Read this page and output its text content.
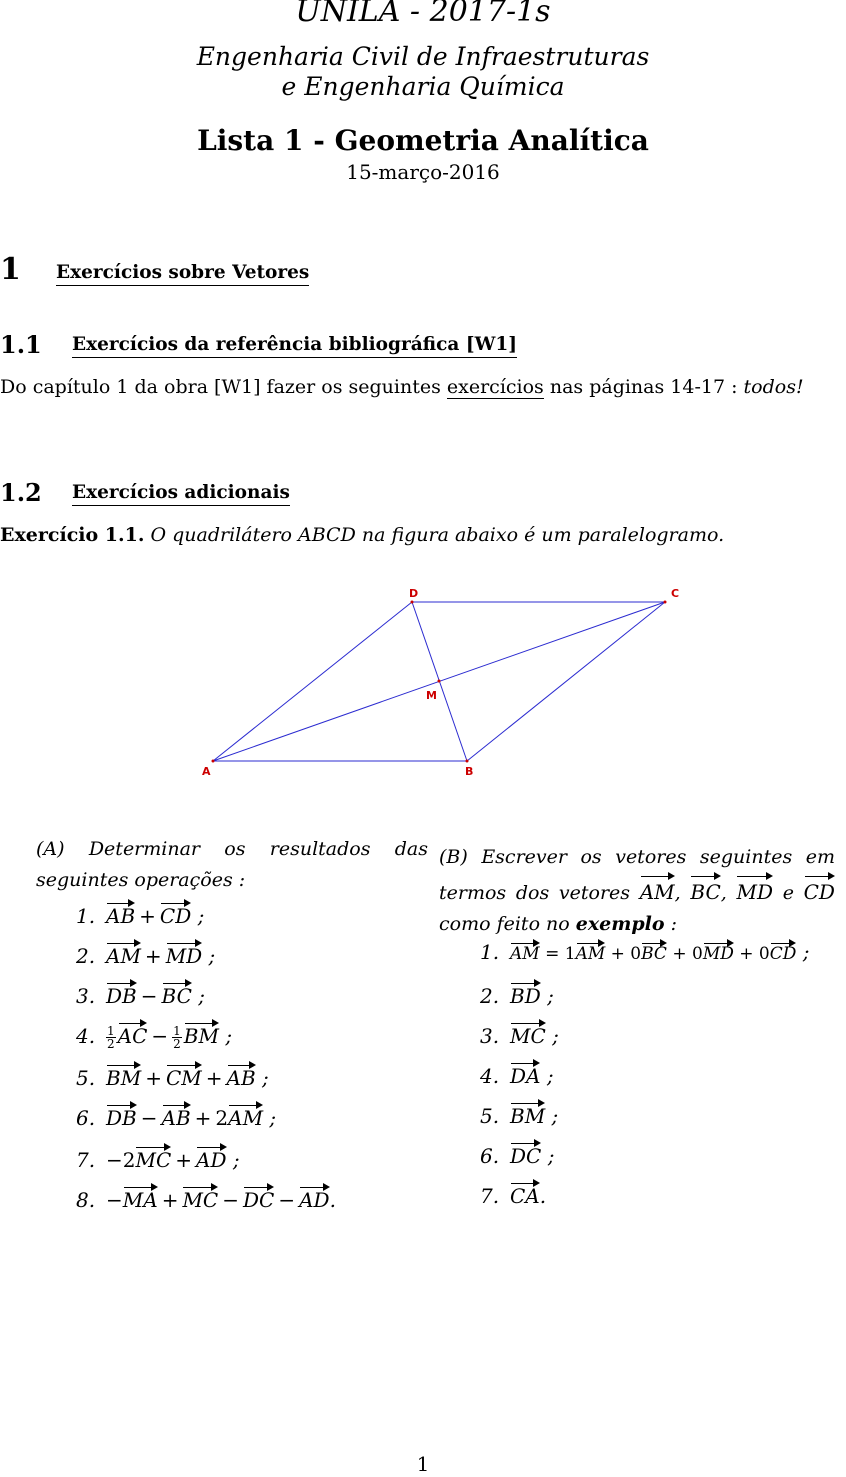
UNILA - 2017-1s
Engenharia Civil de Infraestruturas
e Engenharia Química
Lista 1 - Geometria Analítica
15-março-2016
1 Exercícios sobre Vetores
1.1 Exercícios da referência bibliográfica [W1]
Do capítulo 1 da obra [W1] fazer os seguintes exercícios nas páginas 14-17 : todos!
1.2 Exercícios adicionais
Exercício 1.1. O quadrilátero ABCD na figura abaixo é um paralelogramo.
A	B
C
D
M
(A) Determinar os resultados das seguintes operações :
1. AB + CD ;
2. AM + MD ;
3. DB − BC ;
4. $\frac{1}{2}$ AC − $\frac{1}{2}$ BM ;
5. BM + CM + AB ;
6. DB − AB + 2AM ;
7. −2MC + AD ;
8. −MA + MC − DC − AD.
(B) Escrever os vetores seguintes em termos dos vetores AM, BC, MD e CD como feito no exemplo :
1. AM = 1AM + 0BC + 0MD + 0CD ;
2. BD ;
3. MC ;
4. DA ;
5. BM ;
6. DC ;
7. CA.
1
